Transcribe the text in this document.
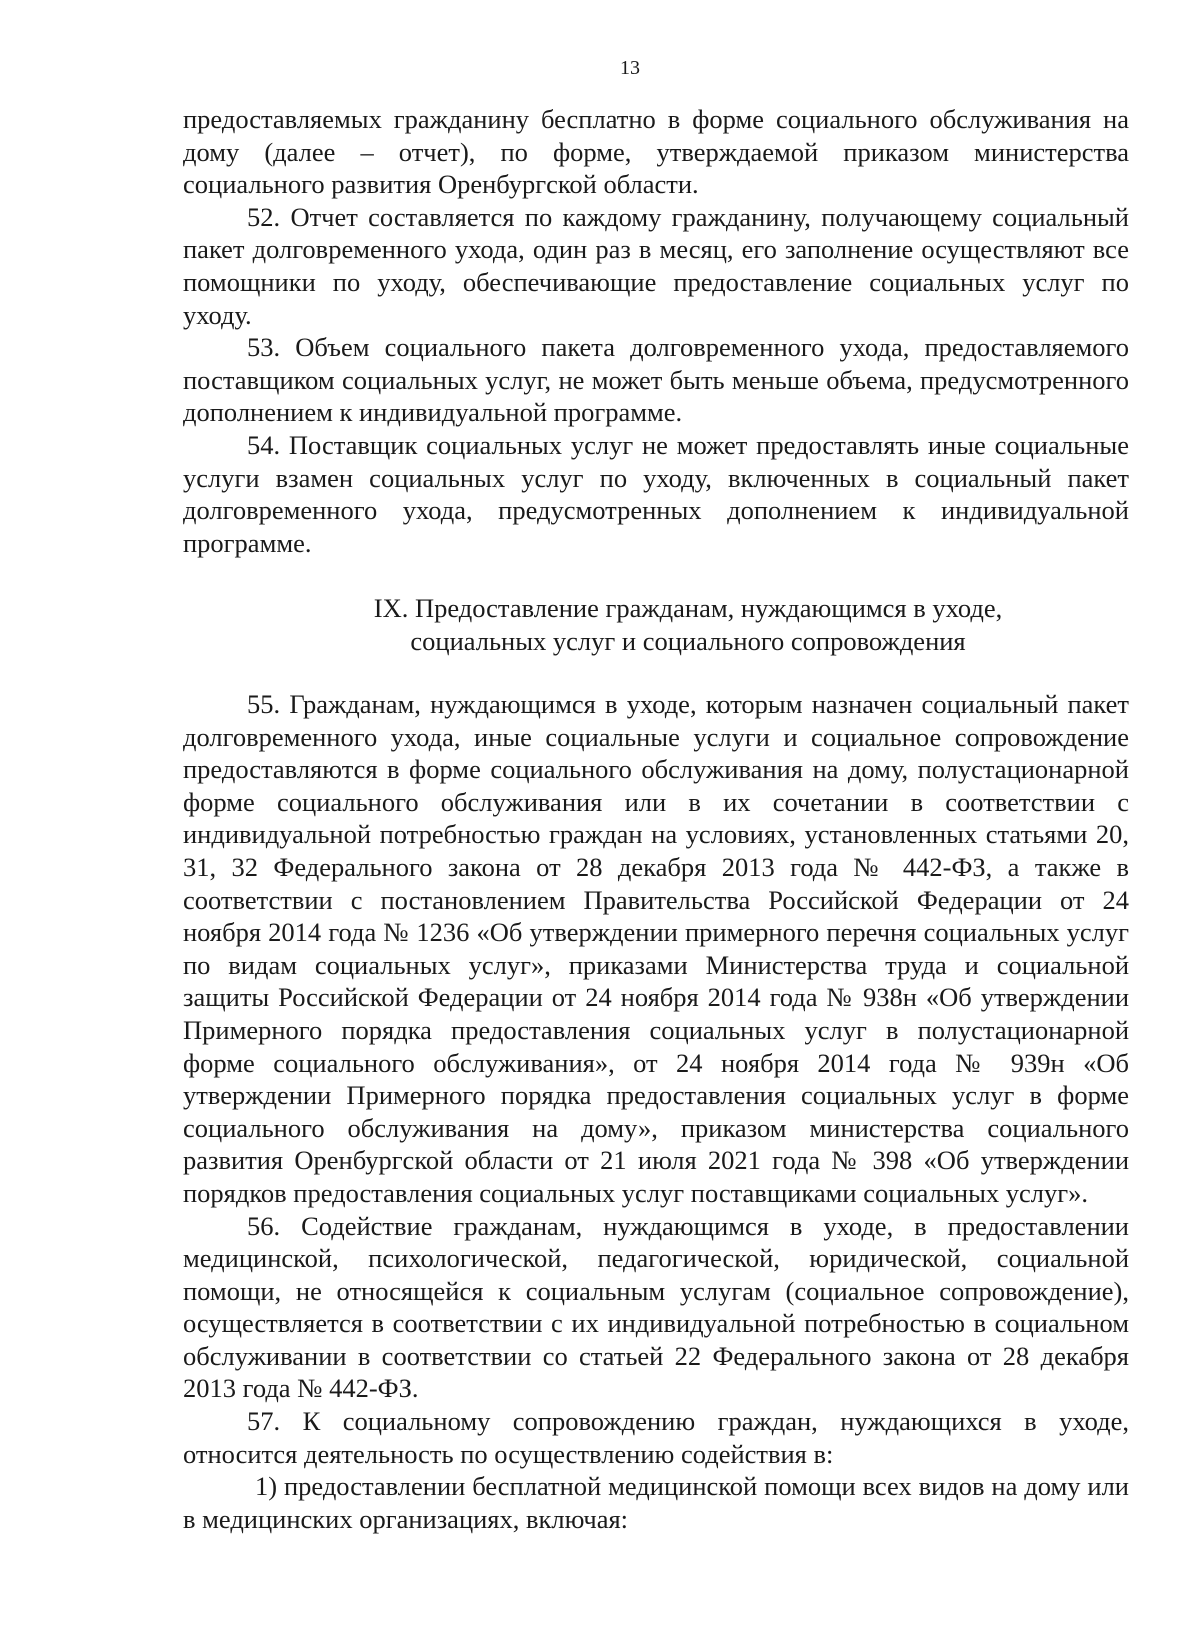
13

предоставляемых гражданину бесплатно в форме социального обслуживания на дому (далее – отчет), по форме, утверждаемой приказом министерства социального развития Оренбургской области.

52. Отчет составляется по каждому гражданину, получающему социальный пакет долговременного ухода, один раз в месяц, его заполнение осуществляют все помощники по уходу, обеспечивающие предоставление социальных услуг по уходу.

53. Объем социального пакета долговременного ухода, предоставляемого поставщиком социальных услуг, не может быть меньше объема, предусмотренного дополнением к индивидуальной программе.

54. Поставщик социальных услуг не может предоставлять иные социальные услуги взамен социальных услуг по уходу, включенных в социальный пакет долговременного ухода, предусмотренных дополнением к индивидуальной программе.

IX. Предоставление гражданам, нуждающимся в уходе,
социальных услуг и социального сопровождения

55. Гражданам, нуждающимся в уходе, которым назначен социальный пакет долговременного ухода, иные социальные услуги и социальное сопровождение предоставляются в форме социального обслуживания на дому, полустационарной форме социального обслуживания или в их сочетании в соответствии с индивидуальной потребностью граждан на условиях, установленных статьями 20, 31, 32 Федерального закона от 28 декабря 2013 года № 442-ФЗ, а также в соответствии с постановлением Правительства Российской Федерации от 24 ноября 2014 года № 1236 «Об утверждении примерного перечня социальных услуг по видам социальных услуг», приказами Министерства труда и социальной защиты Российской Федерации от 24 ноября 2014 года № 938н «Об утверждении Примерного порядка предоставления социальных услуг в полустационарной форме социального обслуживания», от 24 ноября 2014 года № 939н «Об утверждении Примерного порядка предоставления социальных услуг в форме социального обслуживания на дому», приказом министерства социального развития Оренбургской области от 21 июля 2021 года № 398 «Об утверждении порядков предоставления социальных услуг поставщиками социальных услуг».

56. Содействие гражданам, нуждающимся в уходе, в предоставлении медицинской, психологической, педагогической, юридической, социальной помощи, не относящейся к социальным услугам (социальное сопровождение), осуществляется в соответствии с их индивидуальной потребностью в социальном обслуживании в соответствии со статьей 22 Федерального закона от 28 декабря 2013 года № 442-ФЗ.

57. К социальному сопровождению граждан, нуждающихся в уходе, относится деятельность по осуществлению содействия в:

1) предоставлении бесплатной медицинской помощи всех видов на дому или в медицинских организациях, включая:
